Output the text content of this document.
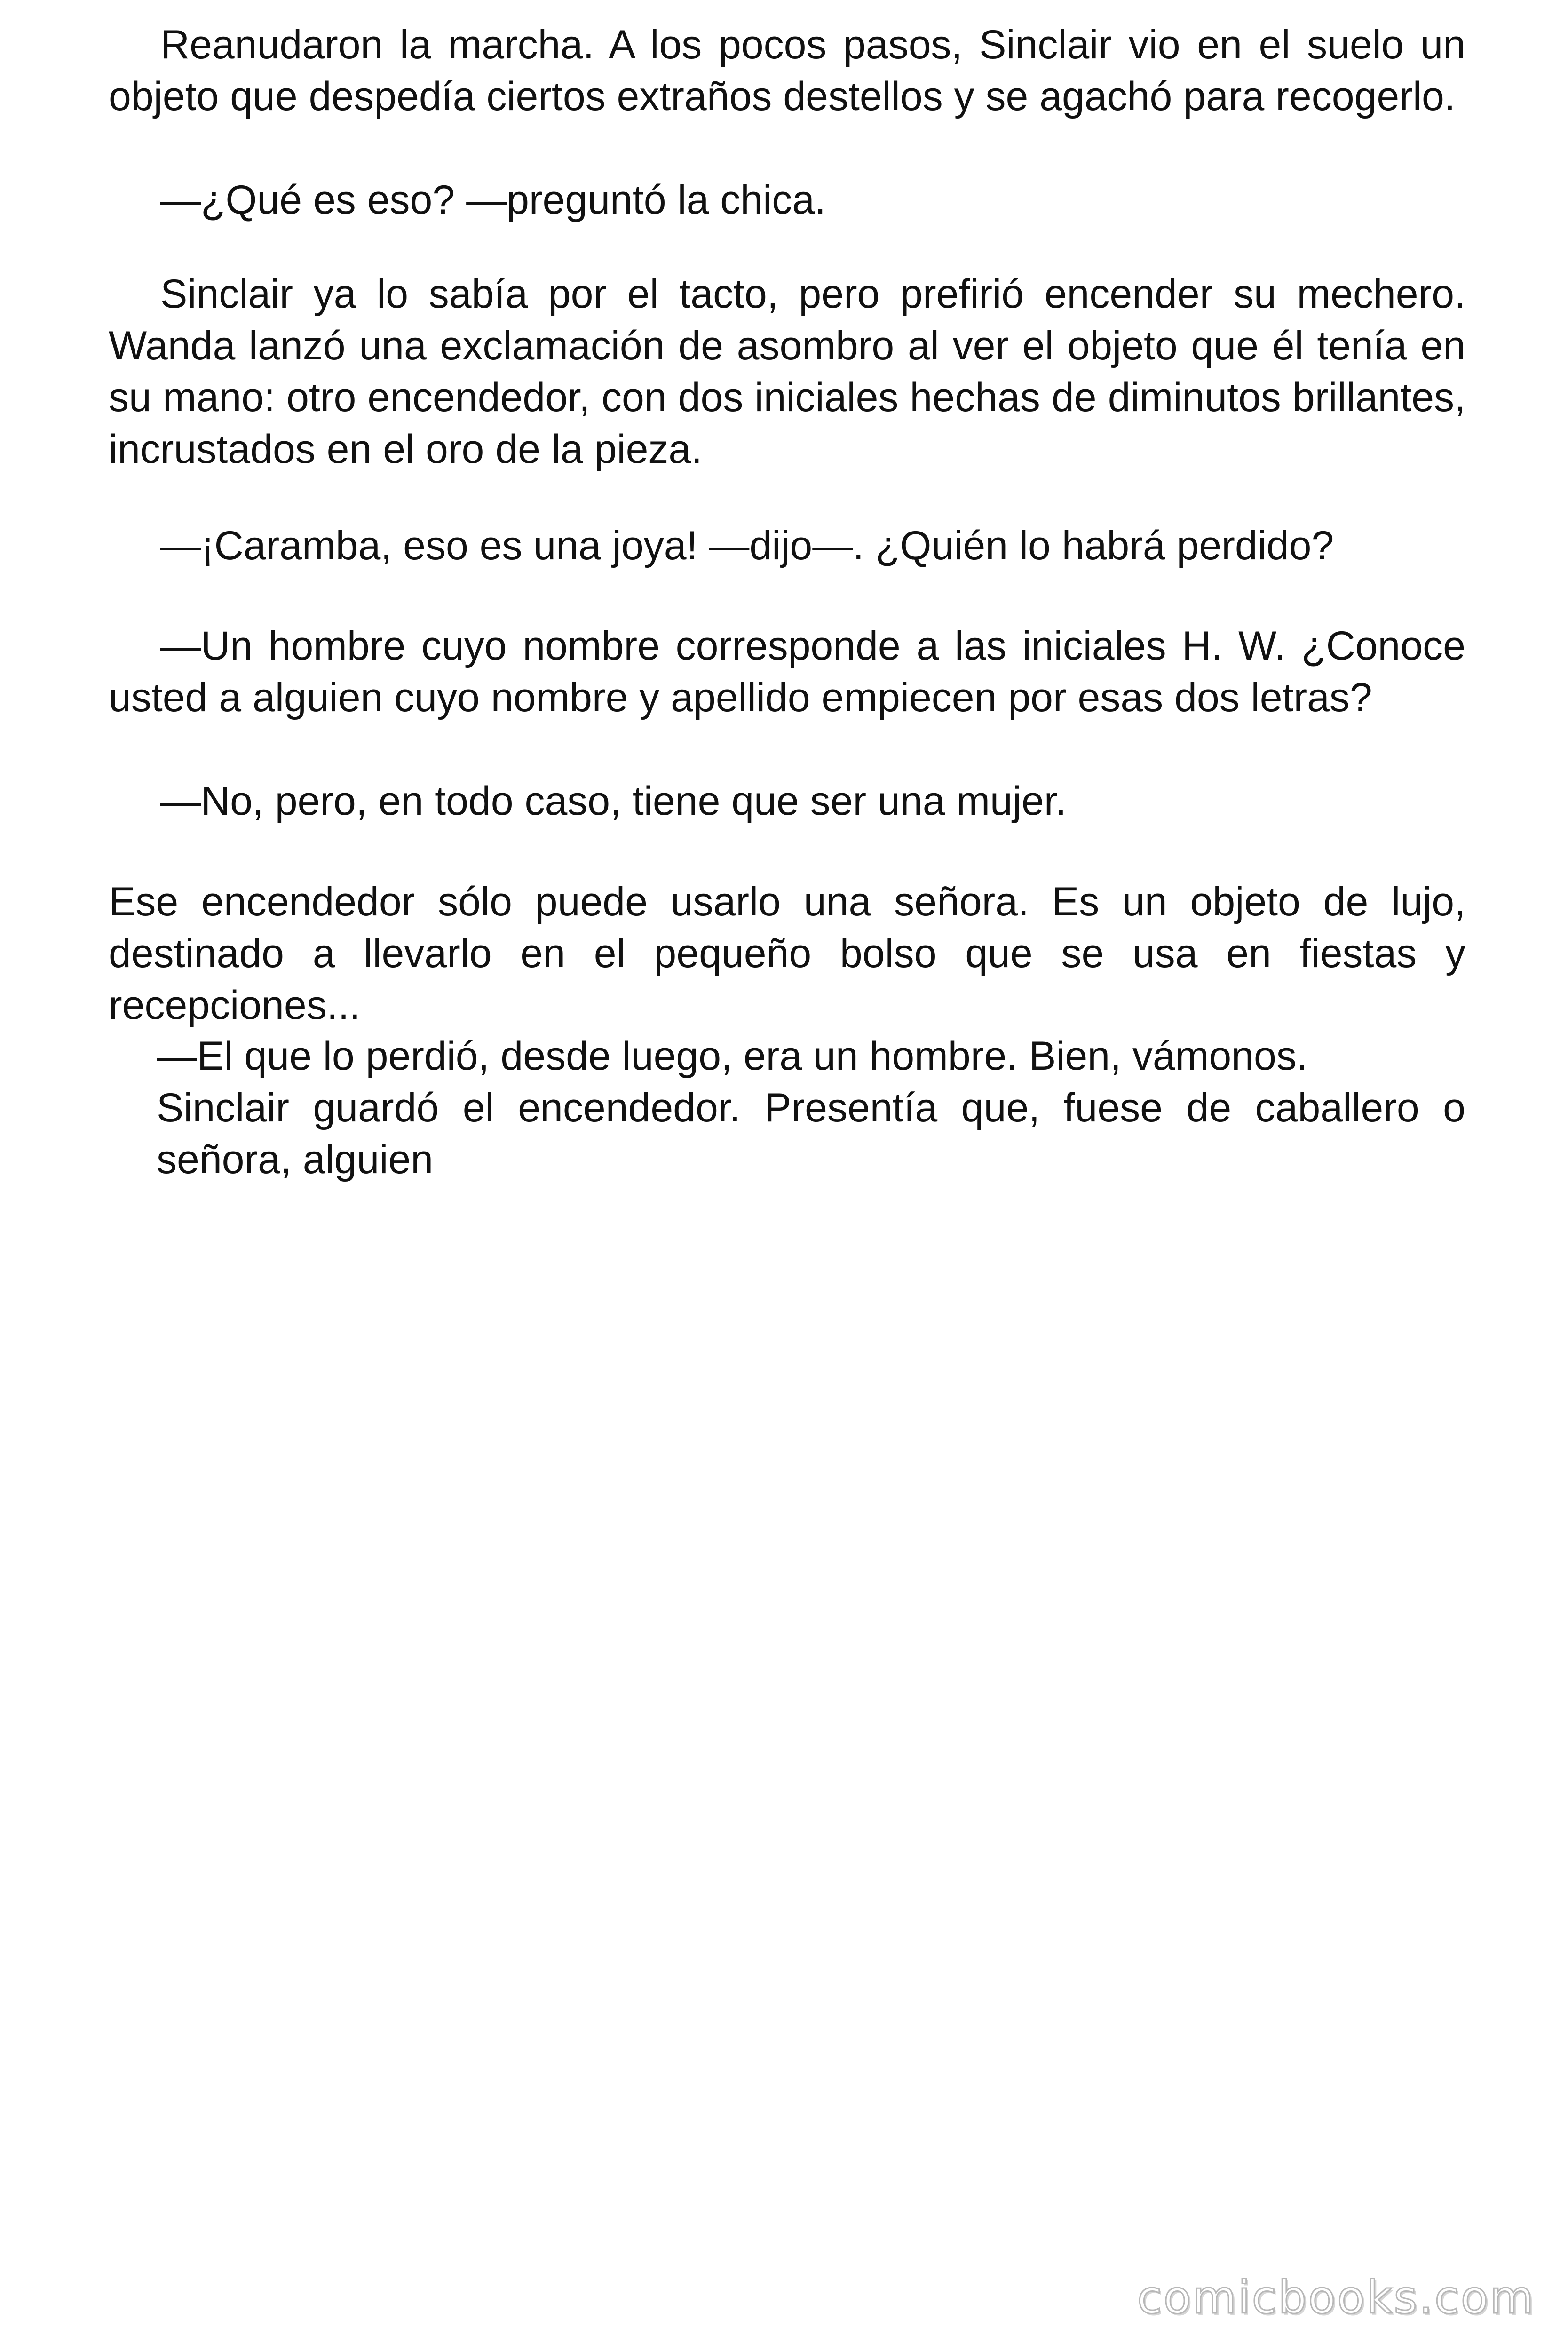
Reanudaron la marcha. A los pocos pasos, Sinclair vio en el suelo un objeto que despedía ciertos extraños destellos y se agachó para recogerlo.

—¿Qué es eso? —preguntó la chica.

Sinclair ya lo sabía por el tacto, pero prefirió encender su mechero. Wanda lanzó una exclamación de asombro al ver el objeto que él tenía en su mano: otro encendedor, con dos iniciales hechas de diminutos brillantes, incrustados en el oro de la pieza.

—¡Caramba, eso es una joya! —dijo—. ¿Quién lo habrá perdido?

—Un hombre cuyo nombre corresponde a las iniciales H. W. ¿Conoce usted a alguien cuyo nombre y apellido empiecen por esas dos letras?

—No, pero, en todo caso, tiene que ser una mujer.

Ese encendedor sólo puede usarlo una señora. Es un objeto de lujo, destinado a llevarlo en el pequeño bolso que se usa en fiestas y recepciones...

—El que lo perdió, desde luego, era un hombre. Bien, vámonos.

Sinclair guardó el encendedor. Presentía que, fuese de caballero o señora, alguien

comicbooks.com
